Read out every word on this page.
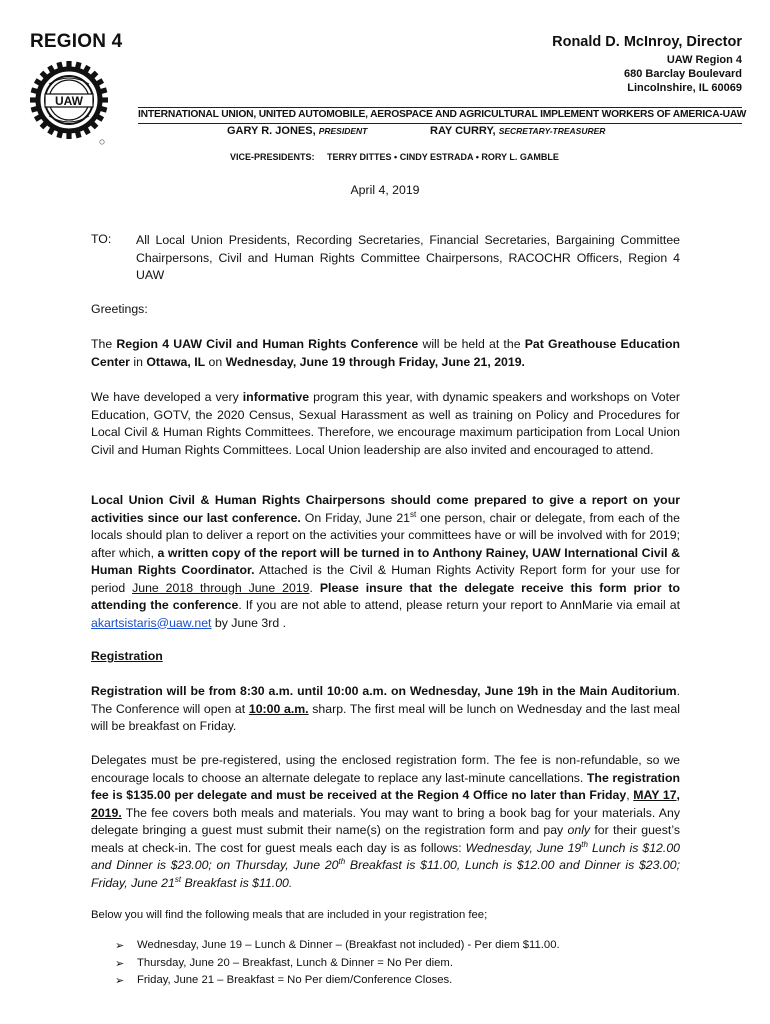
REGION 4
UAW
Ronald D. McInroy, Director
UAW Region 4
680 Barclay Boulevard
Lincolnshire, IL 60069
INTERNATIONAL UNION, UNITED AUTOMOBILE, AEROSPACE AND AGRICULTURAL IMPLEMENT WORKERS OF AMERICA-UAW
GARY R. JONES, PRESIDENT	RAY CURRY, SECRETARY-TREASURER
VICE-PRESIDENTS: TERRY DITTES • CINDY ESTRADA • RORY L. GAMBLE
April 4, 2019
TO: All Local Union Presidents, Recording Secretaries, Financial Secretaries, Bargaining Committee Chairpersons, Civil and Human Rights Committee Chairpersons, RACOCHR Officers, Region 4 UAW
Greetings:
The Region 4 UAW Civil and Human Rights Conference will be held at the Pat Greathouse Education Center in Ottawa, IL on Wednesday, June 19 through Friday, June 21, 2019.
We have developed a very informative program this year, with dynamic speakers and workshops on Voter Education, GOTV, the 2020 Census, Sexual Harassment as well as training on Policy and Procedures for Local Civil & Human Rights Committees. Therefore, we encourage maximum participation from Local Union Civil and Human Rights Committees. Local Union leadership are also invited and encouraged to attend.
Local Union Civil & Human Rights Chairpersons should come prepared to give a report on your activities since our last conference. On Friday, June 21st one person, chair or delegate, from each of the locals should plan to deliver a report on the activities your committees have or will be involved with for 2019; after which, a written copy of the report will be turned in to Anthony Rainey, UAW International Civil & Human Rights Coordinator. Attached is the Civil & Human Rights Activity Report form for your use for period June 2018 through June 2019. Please insure that the delegate receive this form prior to attending the conference. If you are not able to attend, please return your report to AnnMarie via email at akartsistaris@uaw.net by June 3rd .
Registration
Registration will be from 8:30 a.m. until 10:00 a.m. on Wednesday, June 19h in the Main Auditorium. The Conference will open at 10:00 a.m. sharp. The first meal will be lunch on Wednesday and the last meal will be breakfast on Friday.
Delegates must be pre-registered, using the enclosed registration form. The fee is non-refundable, so we encourage locals to choose an alternate delegate to replace any last-minute cancellations. The registration fee is $135.00 per delegate and must be received at the Region 4 Office no later than Friday, MAY 17, 2019. The fee covers both meals and materials. You may want to bring a book bag for your materials. Any delegate bringing a guest must submit their name(s) on the registration form and pay only for their guest’s meals at check-in. The cost for guest meals each day is as follows: Wednesday, June 19th Lunch is $12.00 and Dinner is $23.00; on Thursday, June 20th Breakfast is $11.00, Lunch is $12.00 and Dinner is $23.00; Friday, June 21st Breakfast is $11.00.
Below you will find the following meals that are included in your registration fee;
➢	Wednesday, June 19 – Lunch & Dinner – (Breakfast not included) - Per diem $11.00.
➢	Thursday, June 20 – Breakfast, Lunch & Dinner = No Per diem.
➢	Friday, June 21 – Breakfast = No Per diem/Conference Closes.
